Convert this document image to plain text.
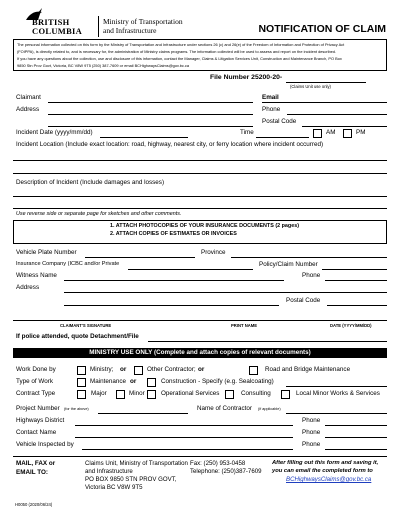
BRITISH
COLUMBIA
Ministry of Transportation
and Infrastructure	NOTIFICATION OF CLAIM
The personal information collected on this form by the Ministry of Transportation and Infrastructure under sections 26 (c) and 26(e) of the Freedom of Information and Protection of Privacy Act
(FOIPPA), is directly related to, and is necessary for, the administration of Ministry claims programs. The information collected will be used to assess and report on the incident described.
If you have any questions about the collection, use and disclosure of this information, contact the Manager, Claims & Litigation Services Unit, Construction and Maintenance Branch, PO Box
9850 Stn Prov Govt, Victoria, BC V8W 9T5 (250) 387-7609 or email BCHighwaysClaims@gov.bc.ca
File Number 25200-20-
(Claims Unit use only)
Claimant	Email
Address	Phone
Postal Code
Incident Date (yyyy/mm/dd)	Time	AM	PM
Incident Location (Include exact location: road, highway, nearest city, or ferry location where incident occurred)
Description of Incident (Include damages and losses)
Use reverse side or separate page for sketches and other comments.
1. ATTACH PHOTOCOPIES OF YOUR INSURANCE DOCUMENTS (2 pages)
2. ATTACH COPIES OF ESTIMATES OR INVOICES
Vehicle Plate Number	Province
Insurance Company (ICBC and/or Private	Policy/Claim Number
Witness Name	Phone
Address
Postal Code
CLAIMANT'S SIGNATURE	PRINT NAME	DATE (YYYY/MM/DD)
If police attended, quote Detachment/File
MINISTRY USE ONLY (Complete and attach copies of relevant documents)
Work Done by	Ministry; or	Other Contractor; or	Road and Bridge Maintenance
Type of Work	Maintenance or	Construction - Specify (e.g. Sealcoating)
Contract Type	Major	Minor	Operational Services	Consulting	Local Minor Works & Services
Project Number (for the above)	Name of Contractor (if applicable)
Highways District	Phone
Contact Name	Phone
Vehicle Inspected by	Phone
MAIL, FAX or
EMAIL TO:
Claims Unit, Ministry of Transportation
and Infrastructure
PO BOX 9850 STN PROV GOVT,
Victoria BC V8W 9T5
Fax: (250) 953-0458
Telephone: (250)387-7609
After filling out this form and saving it,
you can email the completed form to
BCHighwaysClaims@gov.bc.ca
H0050 (2020/06/24)
